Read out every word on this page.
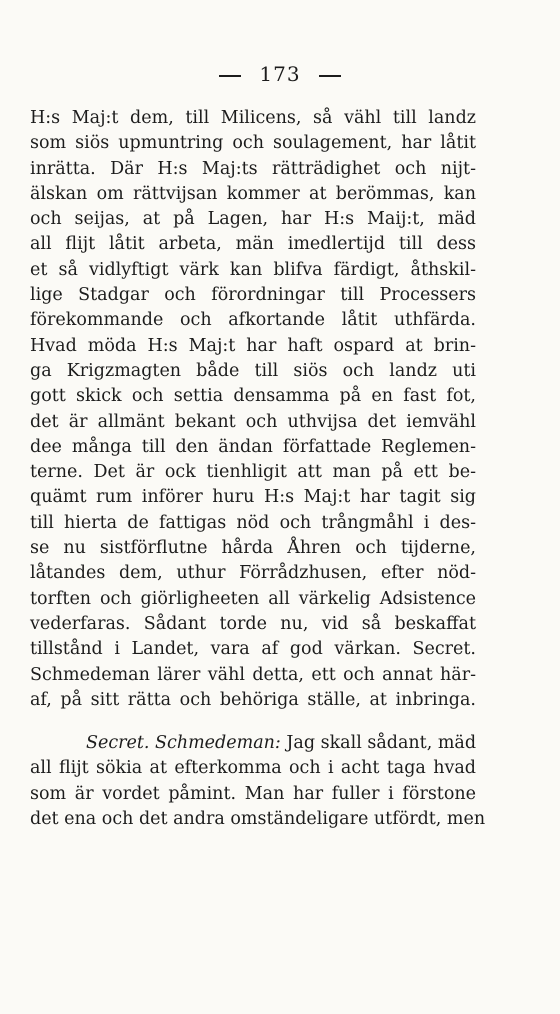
173
H:s Maj:t dem, till Milicens, så vähl till landz
som siös upmuntring och soulagement, har låtit
inrätta. Där H:s Maj:ts rätträdighet och nijt-
älskan om rättvijsan kommer at berömmas, kan
och seijas, at på Lagen, har H:s Maij:t, mäd
all flijt låtit arbeta, män imedlertijd till dess
et så vidlyftigt värk kan blifva färdigt, åthskil-
lige Stadgar och förordningar till Processers
förekommande och afkortande låtit uthfärda.
Hvad möda H:s Maj:t har haft ospard at brin-
ga Krigzmagten både till siös och landz uti
gott skick och settia densamma på en fast fot,
det är allmänt bekant och uthvijsa det iemvähl
dee många till den ändan författade Reglemen-
terne. Det är ock tienhligit att man på ett be-
quämt rum införer huru H:s Maj:t har tagit sig
till hierta de fattigas nöd och trångmåhl i des-
se nu sistförflutne hårda Åhren och tijderne,
låtandes dem, uthur Förrådzhusen, efter nöd-
torften och giörligheeten all värkelig Adsistence
vederfaras. Sådant torde nu, vid så beskaffat
tillstånd i Landet, vara af god värkan. Secret.
Schmedeman lärer vähl detta, ett och annat här-
af, på sitt rätta och behöriga ställe, at inbringa.
Secret. Schmedeman: Jag skall sådant, mäd
all flijt sökia at efterkomma och i acht taga hvad
som är vordet påmint. Man har fuller i förstone
det ena och det andra omständeligare utfördt, men
